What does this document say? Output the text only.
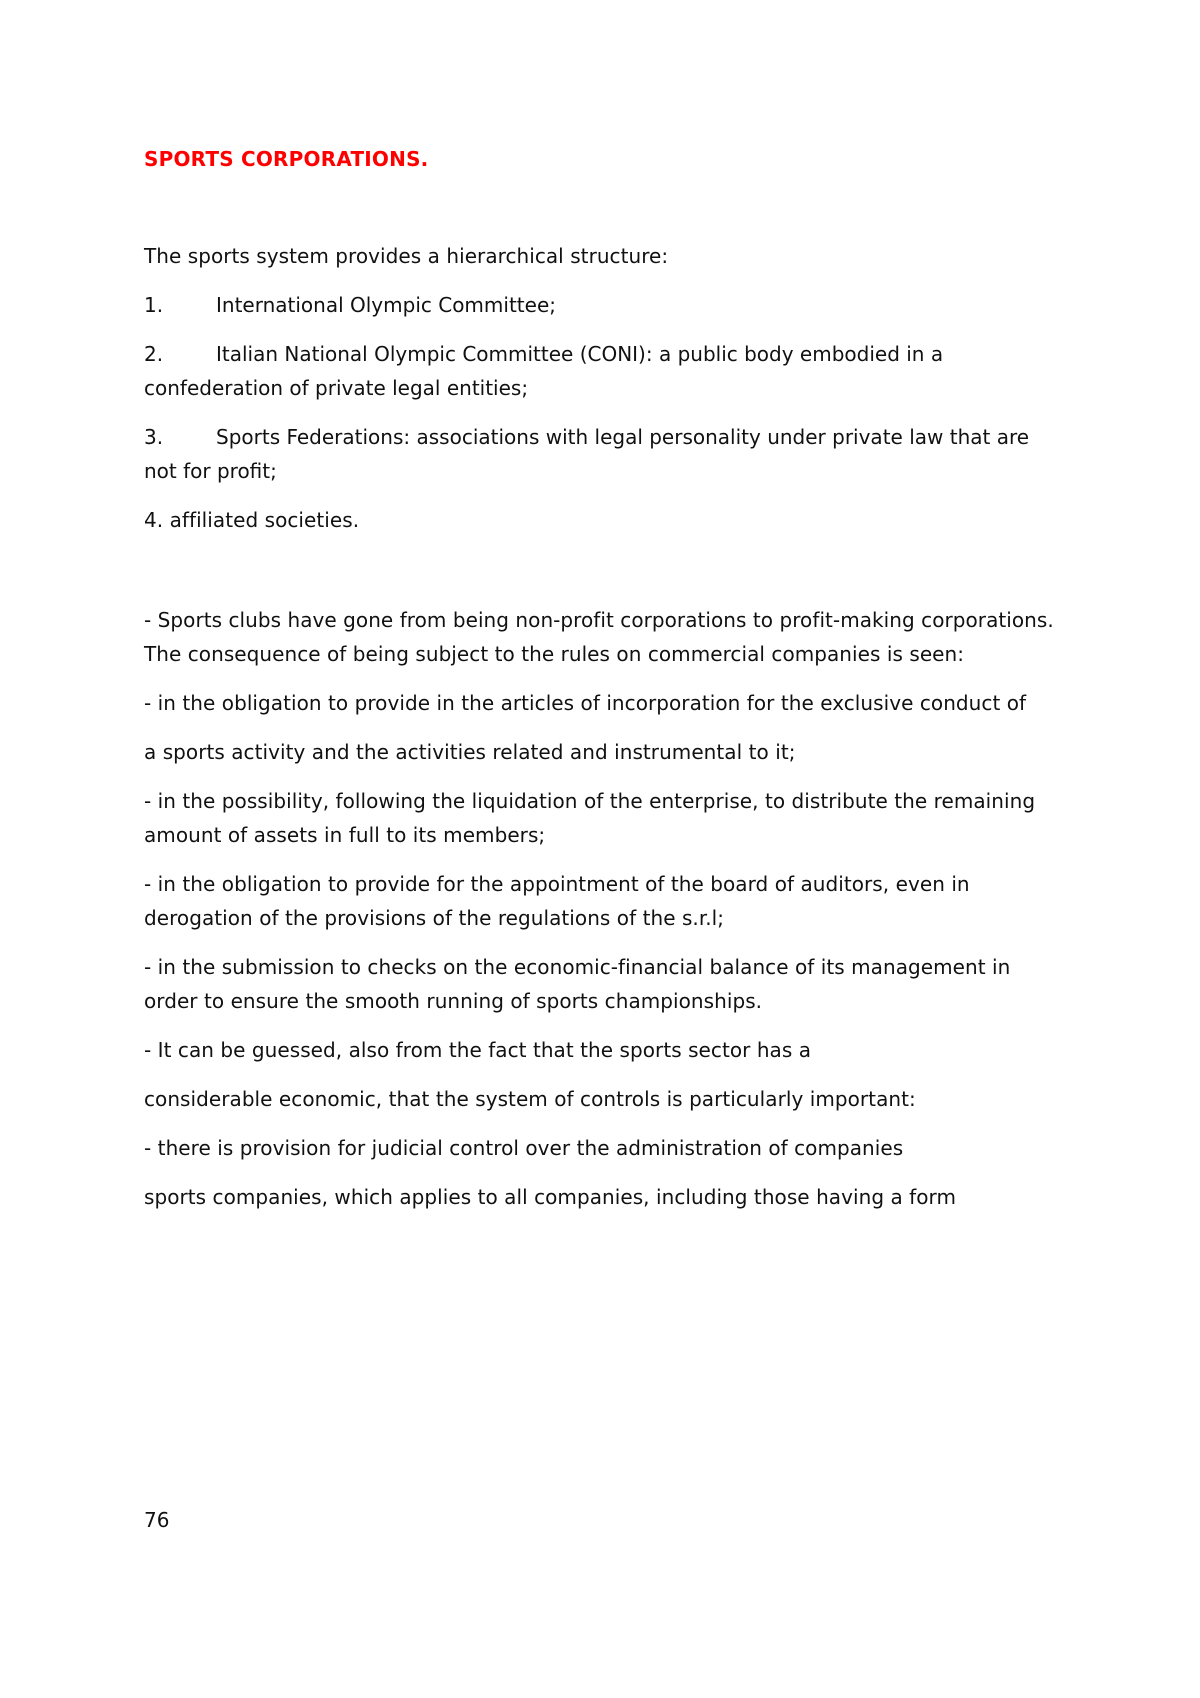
SPORTS CORPORATIONS.
The sports system provides a hierarchical structure:
1.	International Olympic Committee;
2.	Italian National Olympic Committee (CONI): a public body embodied in a confederation of private legal entities;
3.	Sports Federations: associations with legal personality under private law that are not for profit;
4. affiliated societies.
- Sports clubs have gone from being non-profit corporations to profit-making corporations. The consequence of being subject to the rules on commercial companies is seen:
- in the obligation to provide in the articles of incorporation for the exclusive conduct of
a sports activity and the activities related and instrumental to it;
- in the possibility, following the liquidation of the enterprise, to distribute the remaining amount of assets in full to its members;
- in the obligation to provide for the appointment of the board of auditors, even in derogation of the provisions of the regulations of the s.r.l;
- in the submission to checks on the economic-financial balance of its management in order to ensure the smooth running of sports championships.
- It can be guessed, also from the fact that the sports sector has a
considerable economic, that the system of controls is particularly important:
- there is provision for judicial control over the administration of companies
sports companies, which applies to all companies, including those having a form
76
